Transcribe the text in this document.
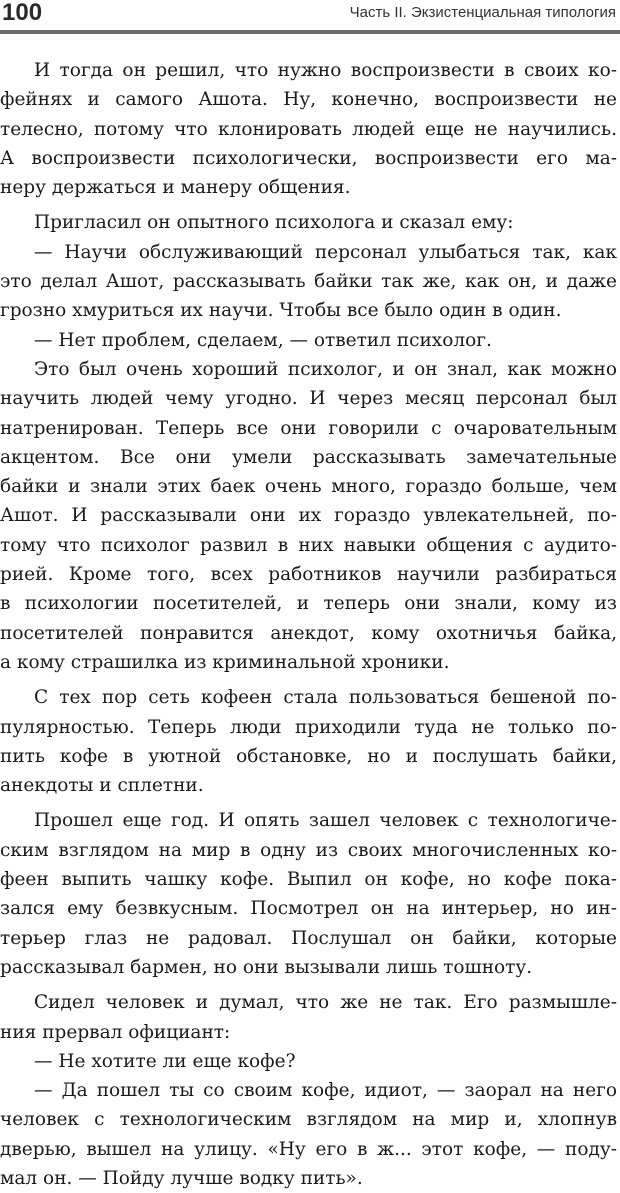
100	Часть II. Экзистенциальная типология
И тогда он решил, что нужно воспроизвести в своих ко-
фейнях и самого Ашота. Ну, конечно, воспроизвести не
телесно, потому что клонировать людей еще не научились.
А воспроизвести психологически, воспроизвести его ма-
неру держаться и манеру общения.
Пригласил он опытного психолога и сказал ему:
— Научи обслуживающий персонал улыбаться так, как
это делал Ашот, рассказывать байки так же, как он, и даже
грозно хмуриться их научи. Чтобы все было один в один.
— Нет проблем, сделаем, — ответил психолог.
Это был очень хороший психолог, и он знал, как можно
научить людей чему угодно. И через месяц персонал был
натренирован. Теперь все они говорили с очаровательным
акцентом. Все они умели рассказывать замечательные
байки и знали этих баек очень много, гораздо больше, чем
Ашот. И рассказывали они их гораздо увлекательней, по-
тому что психолог развил в них навыки общения с аудито-
рией. Кроме того, всех работников научили разбираться
в психологии посетителей, и теперь они знали, кому из
посетителей понравится анекдот, кому охотничья байка,
а кому страшилка из криминальной хроники.
С тех пор сеть кофеен стала пользоваться бешеной по-
пулярностью. Теперь люди приходили туда не только по-
пить кофе в уютной обстановке, но и послушать байки,
анекдоты и сплетни.
Прошел еще год. И опять зашел человек с технологиче-
ским взглядом на мир в одну из своих многочисленных ко-
феен выпить чашку кофе. Выпил он кофе, но кофе пока-
зался ему безвкусным. Посмотрел он на интерьер, но ин-
терьер глаз не радовал. Послушал он байки, которые
рассказывал бармен, но они вызывали лишь тошноту.
Сидел человек и думал, что же не так. Его размышле-
ния прервал официант:
— Не хотите ли еще кофе?
— Да пошел ты со своим кофе, идиот, — заорал на него
человек с технологическим взглядом на мир и, хлопнув
дверью, вышел на улицу. «Ну его в ж... этот кофе, — поду-
мал он. — Пойду лучше водку пить».
